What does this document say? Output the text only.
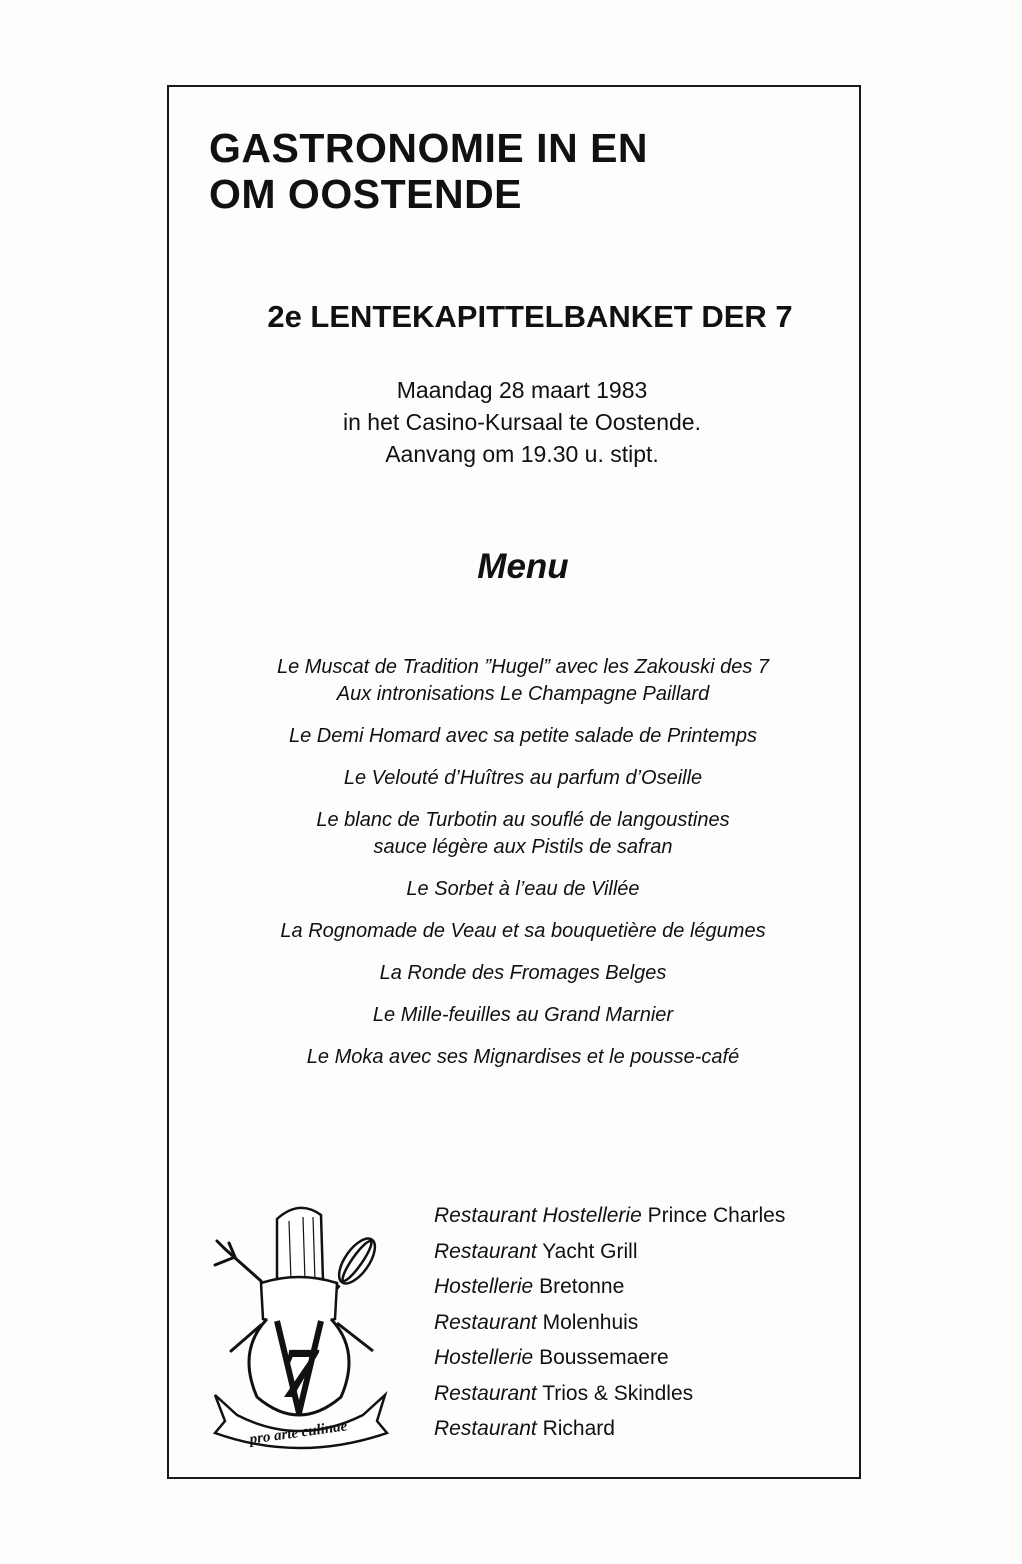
GASTRONOMIE IN EN
OM OOSTENDE
2e LENTEKAPITTELBANKET DER 7
Maandag 28 maart 1983
in het Casino-Kursaal te Oostende.
Aanvang om 19.30 u. stipt.
Menu
Le Muscat de Tradition ”Hugel” avec les Zakouski des 7
Aux intronisations Le Champagne Paillard
Le Demi Homard avec sa petite salade de Printemps
Le Velouté d’Huîtres au parfum d’Oseille
Le blanc de Turbotin au souflé de langoustines
sauce légère aux Pistils de safran
Le Sorbet à l’eau de Villée
La Rognomade de Veau et sa bouquetière de légumes
La Ronde des Fromages Belges
Le Mille-feuilles au Grand Marnier
Le Moka avec ses Mignardises et le pousse-café
7
pro arte culinae
Restaurant Hostellerie Prince Charles
Restaurant Yacht Grill
Hostellerie Bretonne
Restaurant Molenhuis
Hostellerie Boussemaere
Restaurant Trios & Skindles
Restaurant Richard
